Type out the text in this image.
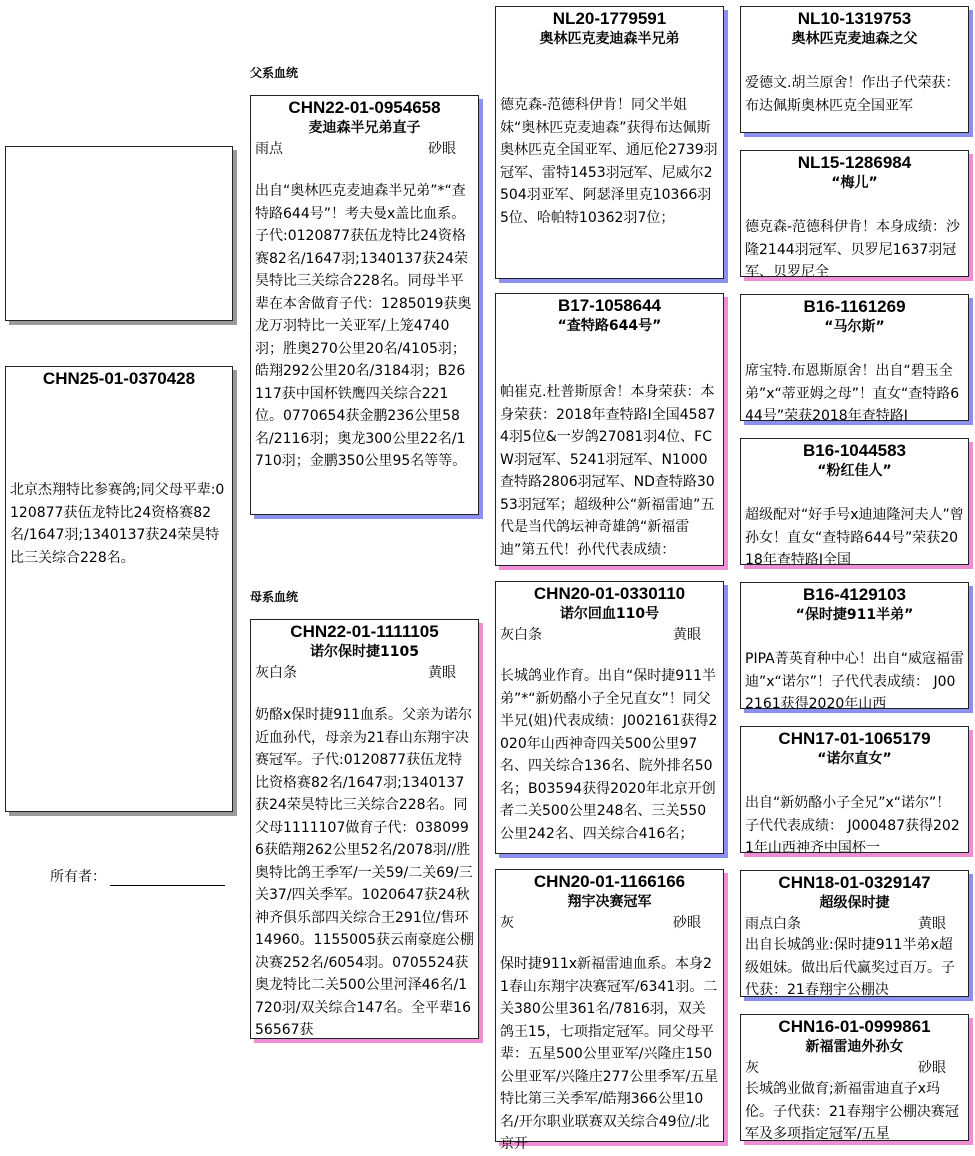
父系血统
母系血统
CHN25-01-0370428
北京杰翔特比参赛鸽;同父母平辈:0120877获伍龙特比24资格赛82名/1647羽;1340137获24荣昊特比三关综合228名。
所有者：
CHN22-01-0954658
麦迪森半兄弟直子
雨点	砂眼
出自“奥林匹克麦迪森半兄弟”*“查特路644号”！考夫曼x盖比血系。子代:0120877获伍龙特比24资格赛82名/1647羽;1340137获24荣昊特比三关综合228名。同母半平辈在本舍做育子代：1285019获奥龙万羽特比一关亚军/上笼4740羽；胜奥270公里20名/4105羽；皓翔292公里20名/3184羽；B26117获中国杯铁鹰四关综合221位。0770654获金鹏236公里58名/2116羽；奥龙300公里22名/1710羽；金鹏350公里95名等等。
CHN22-01-1111105
诺尔保时捷1105
灰白条	黄眼
奶酪x保时捷911血系。父亲为诺尔近血孙代，母亲为21春山东翔宇决赛冠军。子代:0120877获伍龙特比资格赛82名/1647羽;1340137获24荣昊特比三关综合228名。同父母1111107做育子代：0380996获皓翔262公里52名/2078羽//胜奥特比鸽王季军/一关59/二关69/三关37/四关季军。1020647获24秋神齐俱乐部四关综合王291位/售环14960。1155005获云南豪庭公棚决赛252名/6054羽。0705524获奥龙特比二关500公里河泽46名/1720羽/双关综合147名。全平辈1656567获
NL20-1779591
奥林匹克麦迪森半兄弟
德克森-范德科伊肯！同父半姐妹“奥林匹克麦迪森”获得布达佩斯奥林匹克全国亚军、通厄伦2739羽冠军、雷特1453羽冠军、尼威尔2504羽亚军、阿瑟泽里克10366羽5位、哈帕特10362羽7位；
B17-1058644
“查特路644号”
帕崔克.杜普斯原舍！本身荣获：本身荣获：2018年查特路I全国45874羽5位&一岁鸽27081羽4位、FCW羽冠军、5241羽冠军、N1000查特路2806羽冠军、ND查特路3053羽冠军；超级种公“新福雷迪”五代是当代鸽坛神奇雄鸽“新福雷迪”第五代！孙代代表成绩：
CHN20-01-0330110
诺尔回血110号
灰白条	黄眼
长城鸽业作育。出自“保时捷911半弟”*“新奶酪小子全兄直女”！同父半兄(姐)代表成绩：J002161获得2020年山西神奇四关500公里97名、四关综合136名、院外排名50名；B03594获得2020年北京开创者二关500公里248名、三关550公里242名、四关综合416名；
CHN20-01-1166166
翔宇决赛冠军
灰	砂眼
保时捷911x新福雷迪血系。本身21春山东翔宇决赛冠军/6341羽。二关380公里361名/7816羽，双关鸽王15，七项指定冠军。同父母平辈：五星500公里亚军/兴隆庄150公里亚军/兴隆庄277公里季军/五星特比第三关季军/皓翔366公里10名/开尔职业联赛双关综合49位/北京开
NL10-1319753
奥林匹克麦迪森之父
爱德文.胡兰原舍！作出子代荣获：布达佩斯奥林匹克全国亚军
NL15-1286984
“梅儿”
德克森-范德科伊肯！本身成绩：沙隆2144羽冠军、贝罗尼1637羽冠军、贝罗尼全
B16-1161269
“马尔斯”
席宝特.布恩斯原舍！出自“碧玉全弟”x“蒂亚姆之母”！直女“查特路644号”荣获2018年查特路I
B16-1044583
“粉红佳人”
超级配对“好手号x迪迪隆河夫人”曾孙女！直女“查特路644号”荣获2018年查特路I全国
B16-4129103
“保时捷911半弟”
PIPA菁英育种中心！出自“威寇福雷迪”x“诺尔”！子代代表成绩： J002161获得2020年山西
CHN17-01-1065179
“诺尔直女”
出自“新奶酪小子全兄”x“诺尔”！子代代表成绩： J000487获得2021年山西神齐中国杯一
CHN18-01-0329147
超级保时捷
雨点白条	黄眼
出自长城鸽业:保时捷911半弟x超级姐妹。做出后代赢奖过百万。子代获：21春翔宇公棚决
CHN16-01-0999861
新福雷迪外孙女
灰	砂眼
长城鸽业做育;新福雷迪直子x玛伦。子代获：21春翔宇公棚决赛冠军及多项指定冠军/五星
